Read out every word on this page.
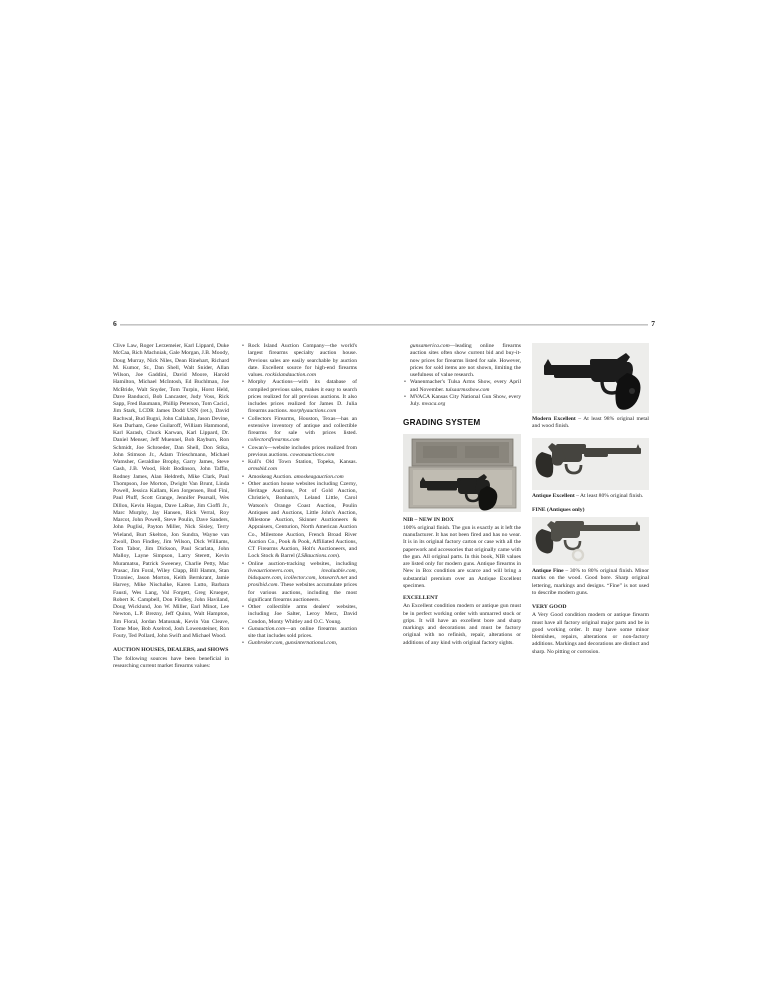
6	7

Clive Law, Roger Lerzemeier, Karl Lippard, Duke McCaa, Rich Machniak, Gale Morgan, J.B. Moody, Doug Murray, Nick Niles, Dean Rinehart, Richard M. Kumor, Sr., Dan Shell, Walt Snider, Allan Wilson, Joe Gaddini, David Moore, Harold Hamilton, Michael McIntosh, Ed Buchlman, Joe McBride, Walt Snyder, Tom Turpin, Horst Held, Dave Banducci, Bob Lancaster, Judy Voss, Rick Sapp, Fred Baumann, Phillip Peterson, Tom Cacici, Jim Stark, LCDR James Dodd USN (ret.), David Rachwal, Bud Bugni, John Callahan, Jason Devine, Ken Durham, Gene Guilaroff, William Hammond, Karl Karash, Chuck Karwan, Karl Lippard, Dr. Daniel Menser, Jeff Muennel, Bob Rayburn, Ron Schmidt, Joe Schroeder, Dan Shell, Don Stika, John Stimson Jr., Adam Trieschmann, Michael Wamsher, Geraldine Brophy, Garry James, Steve Gash, J.B. Wood, Holt Bodinson, John Taffin, Rodney James, Alan Heldreth, Mike Clark, Paul Thompson, Joe Morton, Dwight Van Brunt, Linda Powell, Jessica Kallam, Ken Jorgensen, Bud Fini, Paul Pluff, Scott Grange, Jennifer Pearsall, Wes Dillon, Kevin Hogan, Dave LaRue, Jim Cioffi Jr., Marc Murphy, Jay Hansen, Rick Verral, Roy Marcot, John Powell, Steve Poulin, Dave Sanders, John Puglisi, Payton Miller, Nick Sisley, Terry Wieland, Burt Skelton, Jon Sundra, Wayne van Zwoll, Don Findley, Jim Wilson, Dick Williams, Tom Tabor, Jim Dickson, Paul Scarlata, John Malloy, Layne Simpson, Larry Sterett, Kevin Muramatsu, Patrick Sweeney, Charlie Petty, Mac Prasac, Jim Foral, Wiley Clapp, Bill Hamm, Stan Trzoniec, Jason Morton, Keith Bernkrant, Jamie Harvey, Mike Nischalke, Karen Lutto, Barbara Fausti, Wes Lang, Val Forgett, Greg Krueger, Robert K. Campbell, Don Findley, John Haviland, Doug Wicklund, Jon W. Miller, Earl Minot, Lee Newton, L.P. Brezny, Jeff Quinn, Walt Hampton, Jim Floral, Jordan Matusnak, Kevin Van Cleave, Tome Moe, Bob Axelrod, Josh Lowensteiner, Ron Fouty, Ted Pollard, John Swift and Michael Wood.

AUCTION HOUSES, DEALERS, and SHOWS

The following sources have been beneficial in researching current market firearms values:

• Rock Island Auction Company—the world's largest firearms specialty auction house. Previous sales are easily searchable by auction date. Excellent source for high-end firearms values. rockislandauction.com
• Morphy Auctions—with its database of compiled previous sales, makes it easy to search prices realized for all previous auctions. It also includes prices realized for James D. Julia firearms auctions. morphyauctions.com
• Collectors Firearms, Houston, Texas—has an extensive inventory of antique and collectible firearms for sale with prices listed. collectorsfirearms.com
• Cowan's—website includes prices realized from previous auctions. cowanauctions.com
• Kull's Old Town Station, Topeka, Kansas. armsbid.com
• Amoskeag Auction. amoskeagauction.com
• Other auction house websites including Czerny, Heritage Auctions, Pot of Gold Auction, Christie's, Bonham's, Leland Little, Carol Watson's Orange Coast Auction, Poulin Antiques and Auctions, Little John's Auction, Milestone Auction, Skinner Auctioneers & Appraisers, Centurion, North American Auction Co., Milestone Auction, French Broad River Auction Co., Pook & Pook, Affiliated Auctions, CT Firearms Auction, Holt's Auctioneers, and Lock Stock & Barrel (LSBauctions.com).
• Online auction-tracking websites, including liveauctioneers.com, invaluable.com, bidsquare.com, icollector.com, lotsearch.net and proxibid.com. These websites accumulate prices for various auctions, including the most significant firearms auctioneers.
• Other collectible arms dealers' websites, including Joe Salter, Leroy Merz, David Condon, Monty Whitley and O.C. Young.
• Gunauction.com—an online firearms auction site that includes sold prices.
• Gunbroker.com, gunsinternational.com,

gunsamerica.com—leading online firearms auction sites often show current bid and buy-it-now prices for firearms listed for sale. However, prices for sold items are not shown, limiting the usefulness of value research.

• Wanenmacher's Tulsa Arms Show, every April and November. tulsaarmsshow.com
• MVACA Kansas City National Gun Show, every July. mvaca.org

GRADING SYSTEM

NIB – NEW IN BOX

100% original finish. The gun is exactly as it left the manufacturer. It has not been fired and has no wear. It is in its original factory carton or case with all the paperwork and accessories that originally came with the gun. All original parts. In this book, NIB values are listed only for modern guns. Antique firearms in New in Box condition are scarce and will bring a substantial premium over an Antique Excellent specimen.

EXCELLENT

An Excellent condition modern or antique gun must be in perfect working order with unmarred stock or grips. It will have an excellent bore and sharp markings and decorations and must be factory original with no refinish, repair, alterations or additions of any kind with original factory sights.

Modern Excellent – At least 98% original metal and wood finish.

Antique Excellent – At least 80% original finish.

FINE (Antiques only)

Antique Fine – 30% to 80% original finish. Minor marks on the wood. Good bore. Sharp original lettering, markings and designs. “Fine” is not used to describe modern guns.

VERY GOOD

A Very Good condition modern or antique firearm must have all factory original major parts and be in good working order. It may have some minor blemishes, repairs, alterations or non-factory additions. Markings and decorations are distinct and sharp. No pitting or corrosion.
